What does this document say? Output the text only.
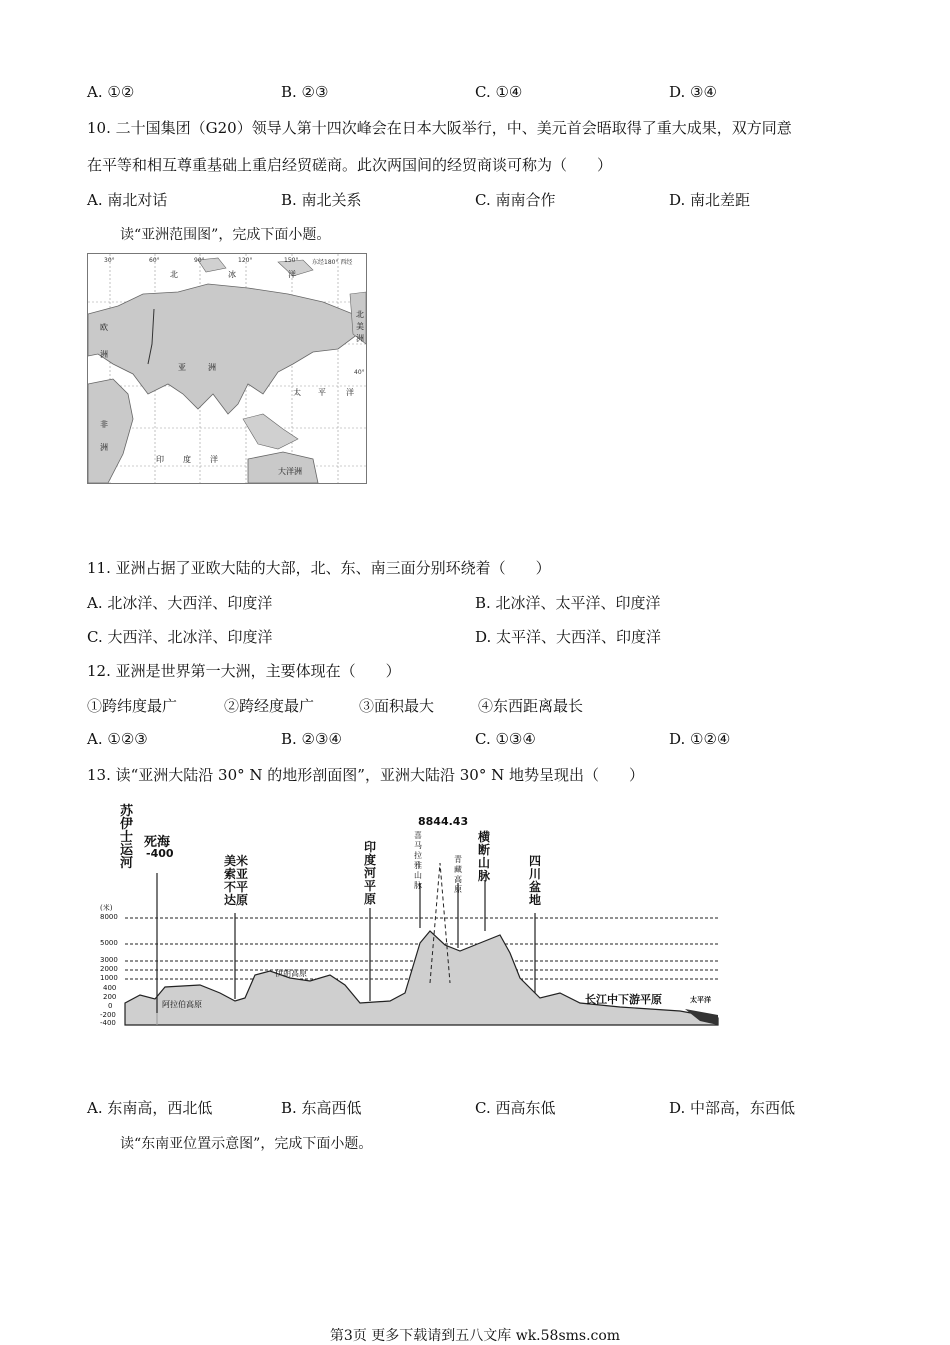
A. ①②	B. ②③	C. ①④	D. ③④
10. 二十国集团（G20）领导人第十四次峰会在日本大阪举行，中、美元首会晤取得了重大成果，双方同意
在平等和相互尊重基础上重启经贸磋商。此次两国间的经贸商谈可称为（　　）
A. 南北对话	B. 南北关系	C. 南南合作	D. 南北差距
读“亚洲范围图”，完成下面小题。
30°	60°	90°	120°	150° 东经180° 西经
40°
北	冰	洋
欧
洲
亚	洲
太 平	洋
非
洲
印 度 洋
大洋洲
北
美
洲
11. 亚洲占据了亚欧大陆的大部，北、东、南三面分别环绕着（　　）
A. 北冰洋、大西洋、印度洋	B. 北冰洋、太平洋、印度洋
C. 大西洋、北冰洋、印度洋	D. 太平洋、大西洋、印度洋
12. 亚洲是世界第一大洲，主要体现在（　　）
①跨纬度最广	②跨经度最广	③面积最大	④东西距离最长
A. ①②③	B. ②③④	C. ①③④	D. ①②④
13. 读“亚洲大陆沿 30° N 的地形剖面图”，亚洲大陆沿 30° N 地势呈现出（　　）
苏
伊
士
运
河
死海
-400
美米
索亚
不平
达原
印
度
河
平
原
8844.43
喜
马
拉
雅
山
脉
青
藏
高
原
横
断
山
脉
四
川
盆
地
(米)
8000
5000
3000
2000
1000
400
200
0
-200
-400
阿拉伯高原
伊朗高原
长江中下游平原	太平洋
A. 东南高，西北低	B. 东高西低	C. 西高东低	D. 中部高，东西低
读“东南亚位置示意图”，完成下面小题。
第3页 更多下载请到五八文库 wk.58sms.com
